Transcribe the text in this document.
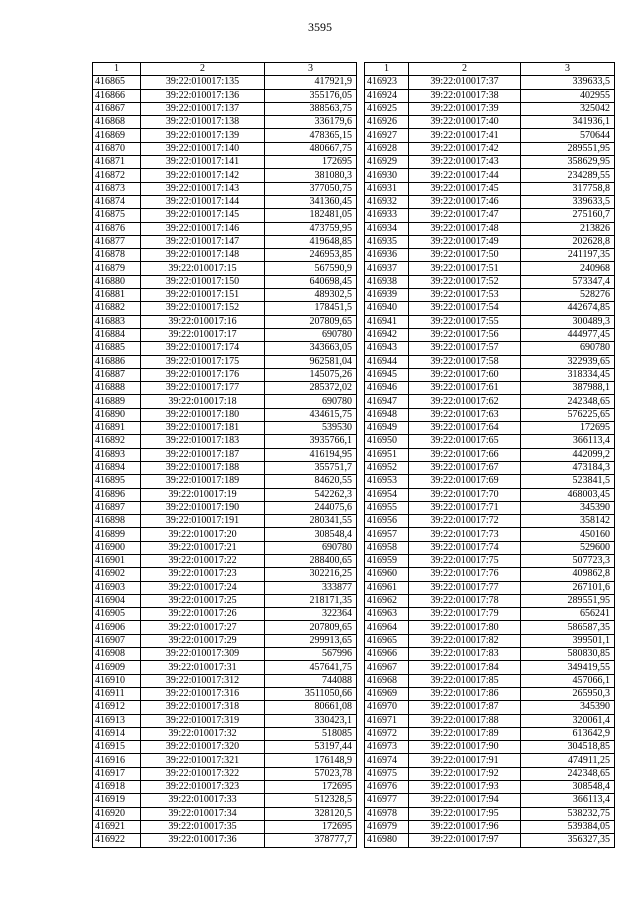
3595
1	2	3
416865	39:22:010017:135	417921,9
416866	39:22:010017:136	355176,05
416867	39:22:010017:137	388563,75
416868	39:22:010017:138	336179,6
416869	39:22:010017:139	478365,15
416870	39:22:010017:140	480667,75
416871	39:22:010017:141	172695
416872	39:22:010017:142	381080,3
416873	39:22:010017:143	377050,75
416874	39:22:010017:144	341360,45
416875	39:22:010017:145	182481,05
416876	39:22:010017:146	473759,95
416877	39:22:010017:147	419648,85
416878	39:22:010017:148	246953,85
416879	39:22:010017:15	567590,9
416880	39:22:010017:150	640698,45
416881	39:22:010017:151	489302,5
416882	39:22:010017:152	178451,5
416883	39:22:010017:16	207809,65
416884	39:22:010017:17	690780
416885	39:22:010017:174	343663,05
416886	39:22:010017:175	962581,04
416887	39:22:010017:176	145075,26
416888	39:22:010017:177	285372,02
416889	39:22:010017:18	690780
416890	39:22:010017:180	434615,75
416891	39:22:010017:181	539530
416892	39:22:010017:183	3935766,1
416893	39:22:010017:187	416194,95
416894	39:22:010017:188	355751,7
416895	39:22:010017:189	84620,55
416896	39:22:010017:19	542262,3
416897	39:22:010017:190	244075,6
416898	39:22:010017:191	280341,55
416899	39:22:010017:20	308548,4
416900	39:22:010017:21	690780
416901	39:22:010017:22	288400,65
416902	39:22:010017:23	302216,25
416903	39:22:010017:24	333877
416904	39:22:010017:25	218171,35
416905	39:22:010017:26	322364
416906	39:22:010017:27	207809,65
416907	39:22:010017:29	299913,65
416908	39:22:010017:309	567996
416909	39:22:010017:31	457641,75
416910	39:22:010017:312	744088
416911	39:22:010017:316	3511050,66
416912	39:22:010017:318	80661,08
416913	39:22:010017:319	330423,1
416914	39:22:010017:32	518085
416915	39:22:010017:320	53197,44
416916	39:22:010017:321	176148,9
416917	39:22:010017:322	57023,78
416918	39:22:010017:323	172695
416919	39:22:010017:33	512328,5
416920	39:22:010017:34	328120,5
416921	39:22:010017:35	172695
416922	39:22:010017:36	378777,7
1	2	3
416923	39:22:010017:37	339633,5
416924	39:22:010017:38	402955
416925	39:22:010017:39	325042
416926	39:22:010017:40	341936,1
416927	39:22:010017:41	570644
416928	39:22:010017:42	289551,95
416929	39:22:010017:43	358629,95
416930	39:22:010017:44	234289,55
416931	39:22:010017:45	317758,8
416932	39:22:010017:46	339633,5
416933	39:22:010017:47	275160,7
416934	39:22:010017:48	213826
416935	39:22:010017:49	202628,8
416936	39:22:010017:50	241197,35
416937	39:22:010017:51	240968
416938	39:22:010017:52	573347,4
416939	39:22:010017:53	528276
416940	39:22:010017:54	442674,85
416941	39:22:010017:55	300489,3
416942	39:22:010017:56	444977,45
416943	39:22:010017:57	690780
416944	39:22:010017:58	322939,65
416945	39:22:010017:60	318334,45
416946	39:22:010017:61	387988,1
416947	39:22:010017:62	242348,65
416948	39:22:010017:63	576225,65
416949	39:22:010017:64	172695
416950	39:22:010017:65	366113,4
416951	39:22:010017:66	442099,2
416952	39:22:010017:67	473184,3
416953	39:22:010017:69	523841,5
416954	39:22:010017:70	468003,45
416955	39:22:010017:71	345390
416956	39:22:010017:72	358142
416957	39:22:010017:73	450160
416958	39:22:010017:74	529600
416959	39:22:010017:75	507723,3
416960	39:22:010017:76	409862,8
416961	39:22:010017:77	267101,6
416962	39:22:010017:78	289551,95
416963	39:22:010017:79	656241
416964	39:22:010017:80	586587,35
416965	39:22:010017:82	399501,1
416966	39:22:010017:83	580830,85
416967	39:22:010017:84	349419,55
416968	39:22:010017:85	457066,1
416969	39:22:010017:86	265950,3
416970	39:22:010017:87	345390
416971	39:22:010017:88	320061,4
416972	39:22:010017:89	613642,9
416973	39:22:010017:90	304518,85
416974	39:22:010017:91	474911,25
416975	39:22:010017:92	242348,65
416976	39:22:010017:93	308548,4
416977	39:22:010017:94	366113,4
416978	39:22:010017:95	538232,75
416979	39:22:010017:96	539384,05
416980	39:22:010017:97	356327,35
